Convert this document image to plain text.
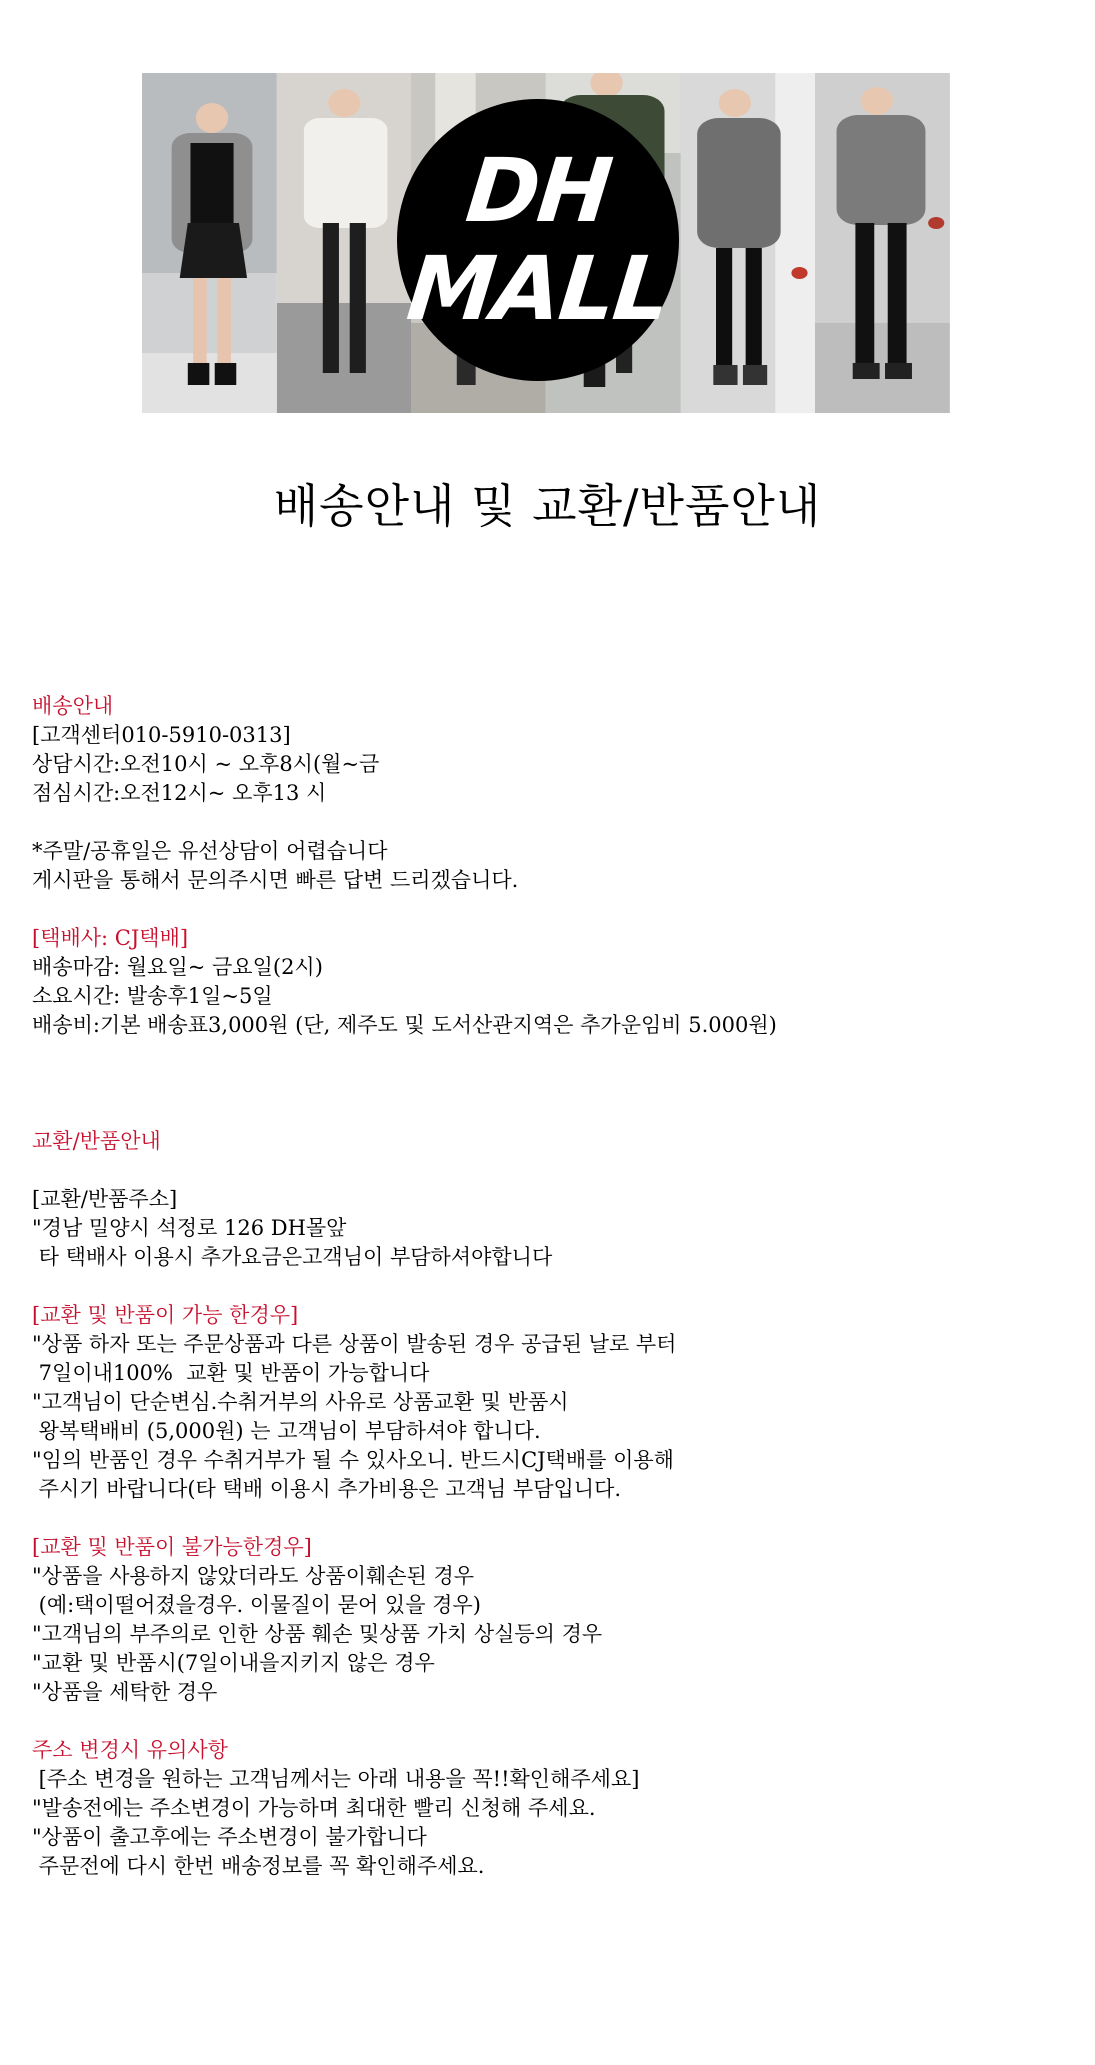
DH
MALL
배송안내 및 교환/반품안내
배송안내
[고객센터010-5910-0313]
상담시간:오전10시 ~ 오후8시(월~금
점심시간:오전12시~ 오후13 시
*주말/공휴일은 유선상담이 어렵습니다
게시판을 통해서 문의주시면 빠른 답변 드리겠습니다.
[택배사: CJ택배]
배송마감: 월요일~ 금요일(2시)
소요시간: 발송후1일~5일
배송비:기본 배송표3,000원 (단, 제주도 및 도서산관지역은 추가운임비 5.000원)
교환/반품안내
[교환/반품주소]
"경남 밀양시 석정로 126 DH몰앞
타 택배사 이용시 추가요금은고객님이 부담하셔야합니다
[교환 및 반품이 가능 한경우]
"상품 하자 또는 주문상품과 다른 상품이 발송된 경우 공급된 날로 부터
7일이내100%  교환 및 반품이 가능합니다
"고객님이 단순변심.수취거부의 사유로 상품교환 및 반품시
왕복택배비 (5,000원) 는 고객님이 부담하셔야 합니다.
"임의 반품인 경우 수취거부가 될 수 있사오니. 반드시CJ택배를 이용해
주시기 바랍니다(타 택배 이용시 추가비용은 고객님 부담입니다.
[교환 및 반품이 불가능한경우]
"상품을 사용하지 않았더라도 상품이훼손된 경우
(예:택이떨어졌을경우. 이물질이 묻어 있을 경우)
"고객님의 부주의로 인한 상품 훼손 및상품 가치 상실등의 경우
"교환 및 반품시(7일이내을지키지 않은 경우
"상품을 세탁한 경우
주소 변경시 유의사항
[주소 변경을 원하는 고객님께서는 아래 내용을 꼭!!확인해주세요]
"발송전에는 주소변경이 가능하며 최대한 빨리 신청해 주세요.
"상품이 출고후에는 주소변경이 불가합니다
주문전에 다시 한번 배송정보를 꼭 확인해주세요.
